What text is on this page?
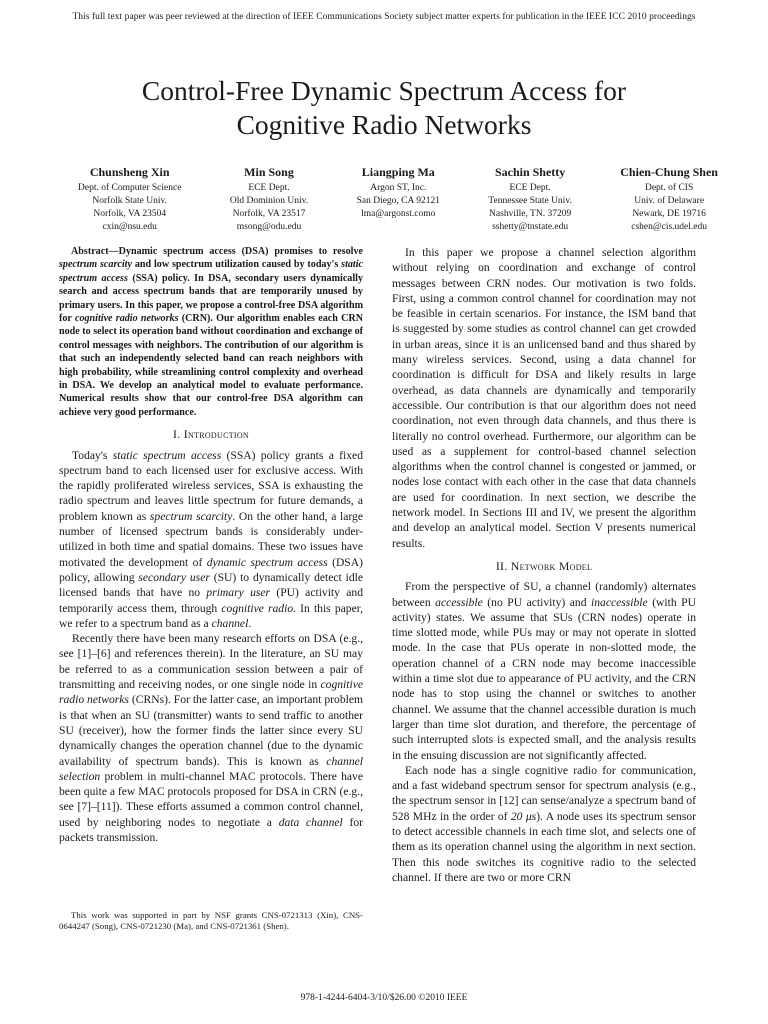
This full text paper was peer reviewed at the direction of IEEE Communications Society subject matter experts for publication in the IEEE ICC 2010 proceedings
Control-Free Dynamic Spectrum Access for
Cognitive Radio Networks
Chunsheng Xin
Dept. of Computer Science
Norfolk State Univ.
Norfolk, VA 23504
cxin@nsu.edu
Min Song
ECE Dept.
Old Dominion Univ.
Norfolk, VA 23517
msong@odu.edu
Liangping Ma
Argon ST, Inc.
San Diego, CA 92121
lma@argonst.como
Sachin Shetty
ECE Dept.
Tennessee State Univ.
Nashville, TN. 37209
sshetty@tnstate.edu
Chien-Chung Shen
Dept. of CIS
Univ. of Delaware
Newark, DE 19716
cshen@cis.udel.edu

Abstract—Dynamic spectrum access (DSA) promises to resolve spectrum scarcity and low spectrum utilization caused by today's static spectrum access (SSA) policy. In DSA, secondary users dynamically search and access spectrum bands that are temporarily unused by primary users. In this paper, we propose a control-free DSA algorithm for cognitive radio networks (CRN). Our algorithm enables each CRN node to select its operation band without coordination and exchange of control messages with neighbors. The contribution of our algorithm is that such an independently selected band can reach neighbors with high probability, while streamlining control complexity and overhead in DSA. We develop an analytical model to evaluate performance. Numerical results show that our control-free DSA algorithm can achieve very good performance.

I. Introduction

Today's static spectrum access (SSA) policy grants a fixed spectrum band to each licensed user for exclusive access. With the rapidly proliferated wireless services, SSA is exhausting the radio spectrum and leaves little spectrum for future demands, a problem known as spectrum scarcity. On the other hand, a large number of licensed spectrum bands is considerably under-utilized in both time and spatial domains. These two issues have motivated the development of dynamic spectrum access (DSA) policy, allowing secondary user (SU) to dynamically detect idle licensed bands that have no primary user (PU) activity and temporarily access them, through cognitive radio. In this paper, we refer to a spectrum band as a channel.

Recently there have been many research efforts on DSA (e.g., see [1]–[6] and references therein). In the literature, an SU may be referred to as a communication session between a pair of transmitting and receiving nodes, or one single node in cognitive radio networks (CRNs). For the latter case, an important problem is that when an SU (transmitter) wants to send traffic to another SU (receiver), how the former finds the latter since every SU dynamically changes the operation channel (due to the dynamic availability of spectrum bands). This is known as channel selection problem in multi-channel MAC protocols. There have been quite a few MAC protocols proposed for DSA in CRN (e.g., see [7]–[11]). These efforts assumed a common control channel, used by neighboring nodes to negotiate a data channel for packets transmission.

This work was supported in part by NSF grants CNS-0721313 (Xin), CNS-0644247 (Song), CNS-0721230 (Ma), and CNS-0721361 (Shen).

In this paper we propose a channel selection algorithm without relying on coordination and exchange of control messages between CRN nodes. Our motivation is two folds. First, using a common control channel for coordination may not be feasible in certain scenarios. For instance, the ISM band that is suggested by some studies as control channel can get crowded in urban areas, since it is an unlicensed band and thus shared by many wireless services. Second, using a data channel for coordination is difficult for DSA and likely results in large overhead, as data channels are dynamically and temporarily accessible. Our contribution is that our algorithm does not need coordination, not even through data channels, and thus there is literally no control overhead. Furthermore, our algorithm can be used as a supplement for control-based channel selection algorithms when the control channel is congested or jammed, or nodes lose contact with each other in the case that data channels are used for coordination. In next section, we describe the network model. In Sections III and IV, we present the algorithm and develop an analytical model. Section V presents numerical results.

II. Network Model

From the perspective of SU, a channel (randomly) alternates between accessible (no PU activity) and inaccessible (with PU activity) states. We assume that SUs (CRN nodes) operate in time slotted mode, while PUs may or may not operate in slotted mode. In the case that PUs operate in non-slotted mode, the operation channel of a CRN node may become inaccessible within a time slot due to appearance of PU activity, and the CRN node has to stop using the channel or switches to another channel. We assume that the channel accessible duration is much larger than time slot duration, and therefore, the percentage of such interrupted slots is expected small, and the analysis results in the ensuing discussion are not significantly affected.

Each node has a single cognitive radio for communication, and a fast wideband spectrum sensor for spectrum analysis (e.g., the spectrum sensor in [12] can sense/analyze a spectrum band of 528 MHz in the order of 20 μs). A node uses its spectrum sensor to detect accessible channels in each time slot, and selects one of them as its operation channel using the algorithm in next section. Then this node switches its cognitive radio to the selected channel. If there are two or more CRN

978-1-4244-6404-3/10/$26.00 ©2010 IEEE
